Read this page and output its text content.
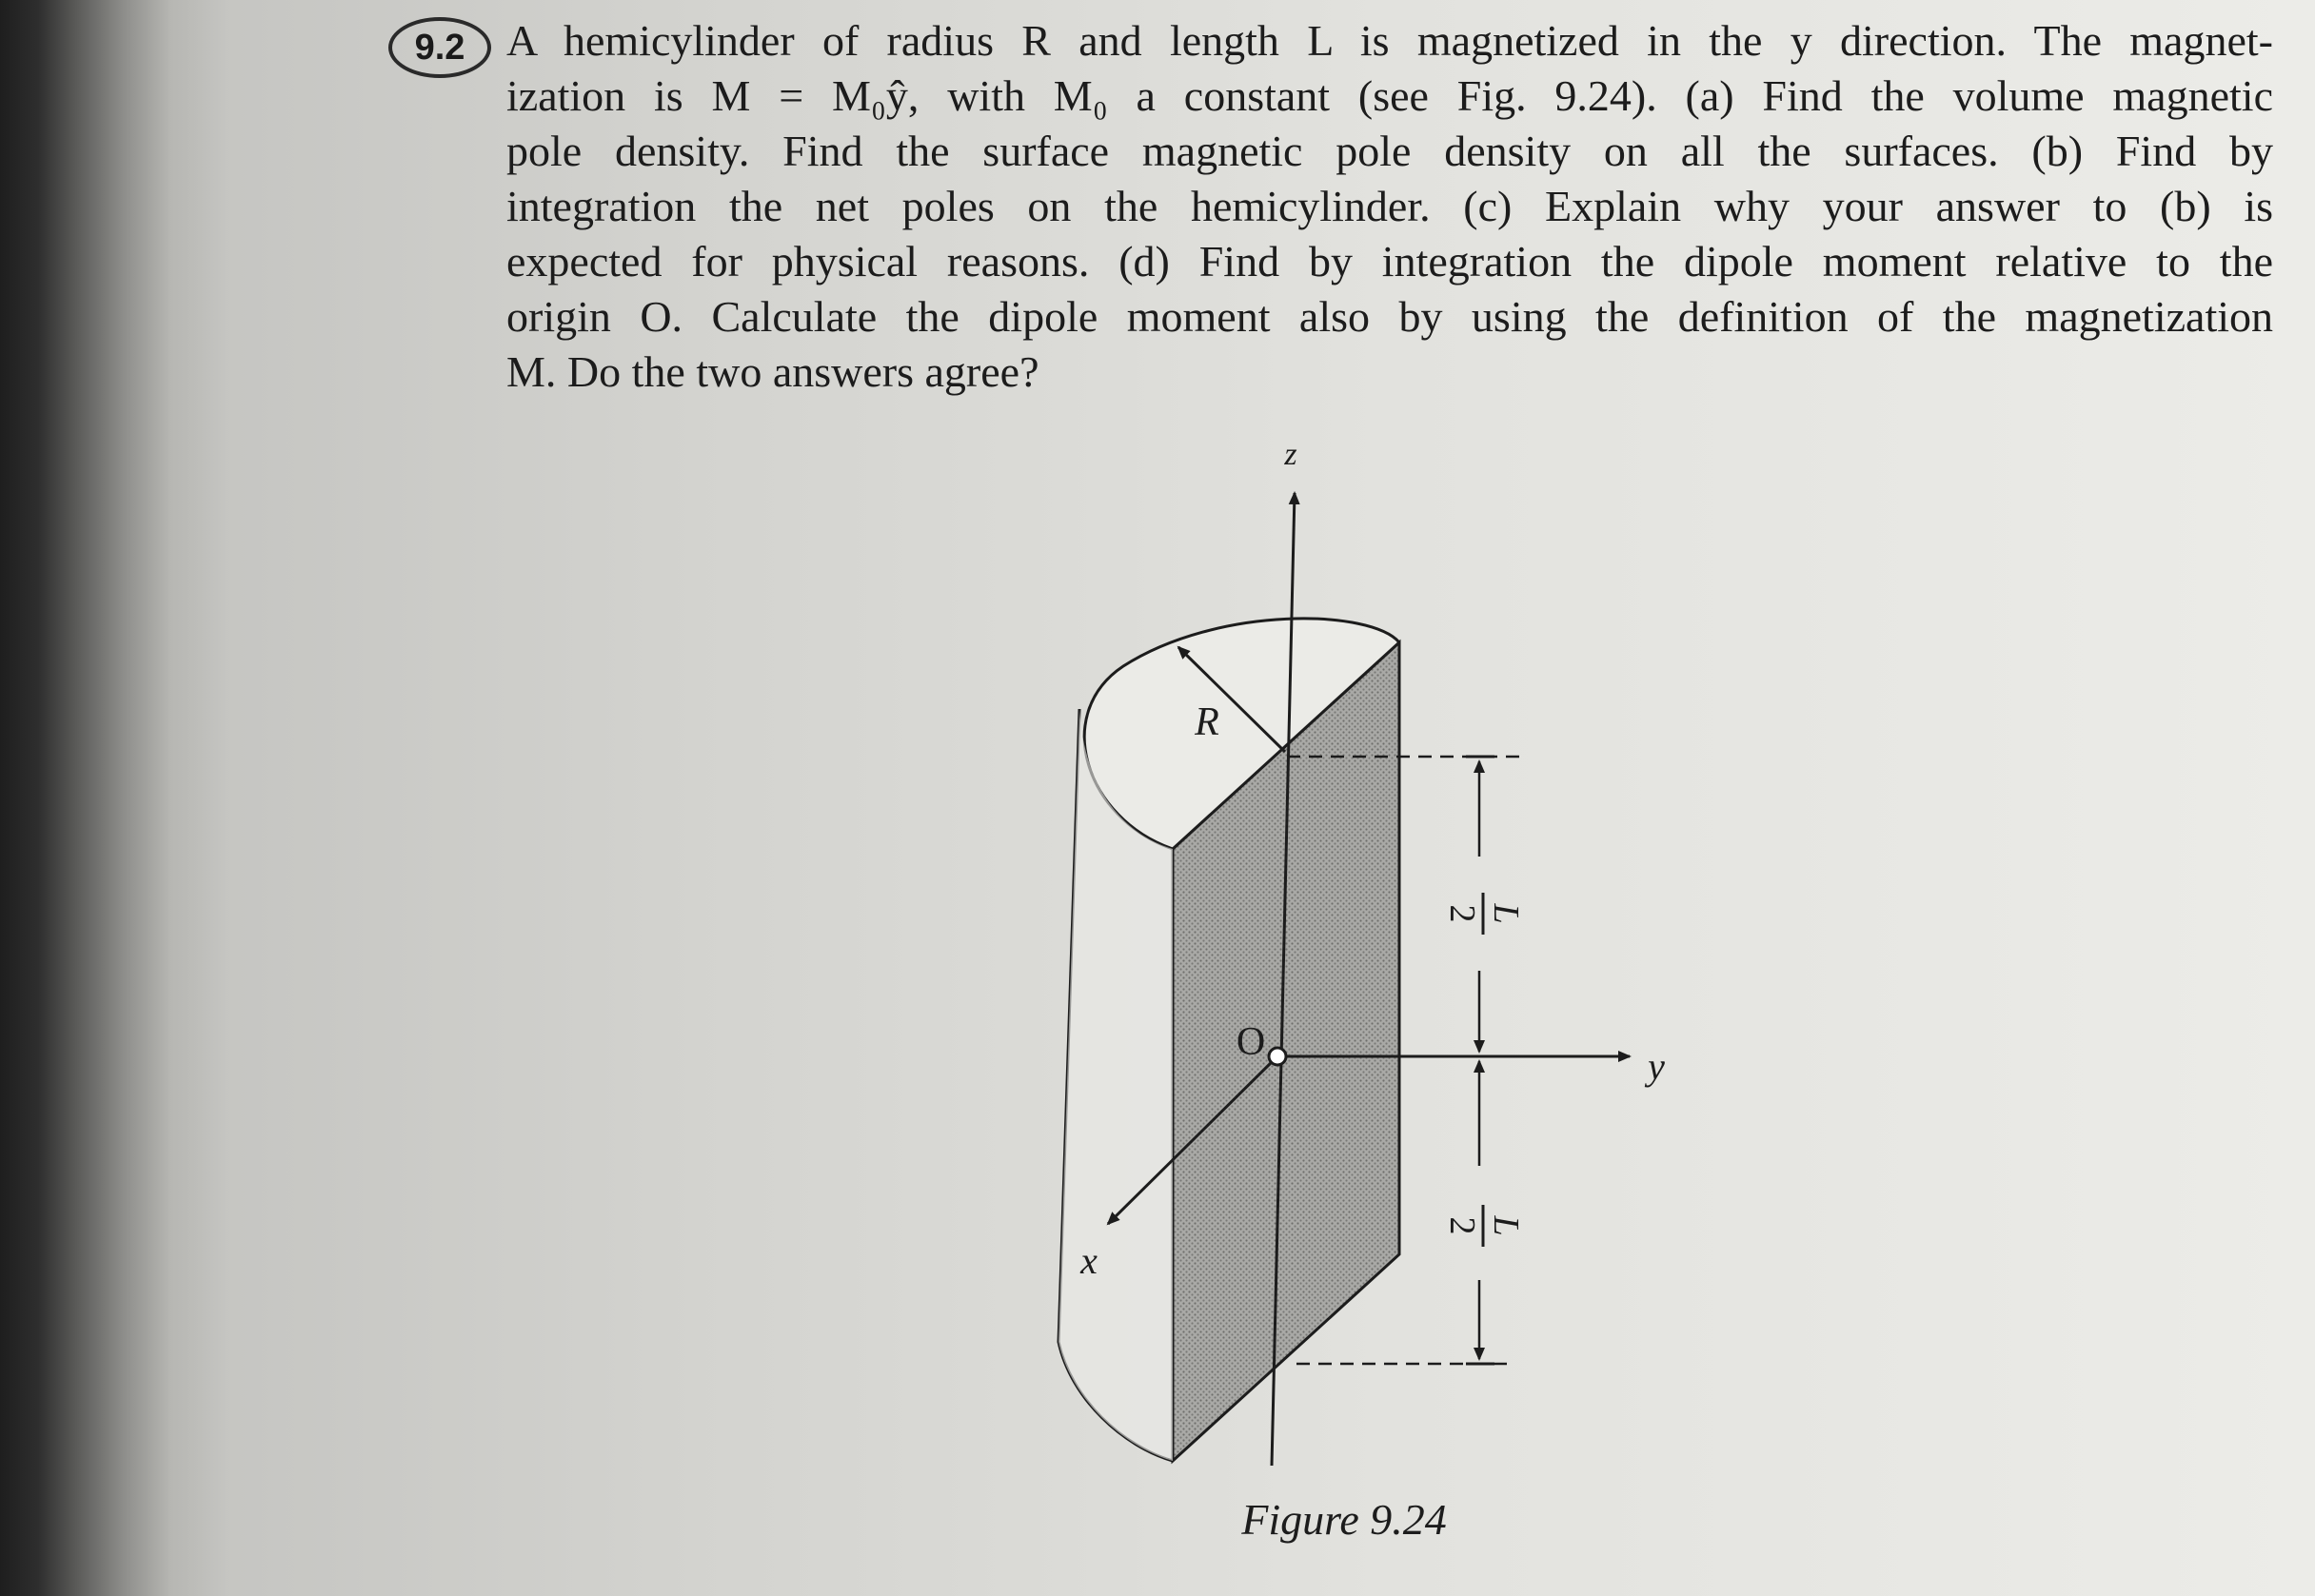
9.2 A hemicylinder of radius R and length L is magnetized in the y direction. The magnet-
ization is M = M₀ŷ, with M₀ a constant (see Fig. 9.24). (a) Find the volume magnetic
pole density. Find the surface magnetic pole density on all the surfaces. (b) Find by
integration the net poles on the hemicylinder. (c) Explain why your answer to (b) is
expected for physical reasons. (d) Find by integration the dipole moment relative to the
origin O. Calculate the dipole moment also by using the definition of the magnetization
M. Do the two answers agree?

z
y
x
R
O
L
2
L
2
Figure 9.24
